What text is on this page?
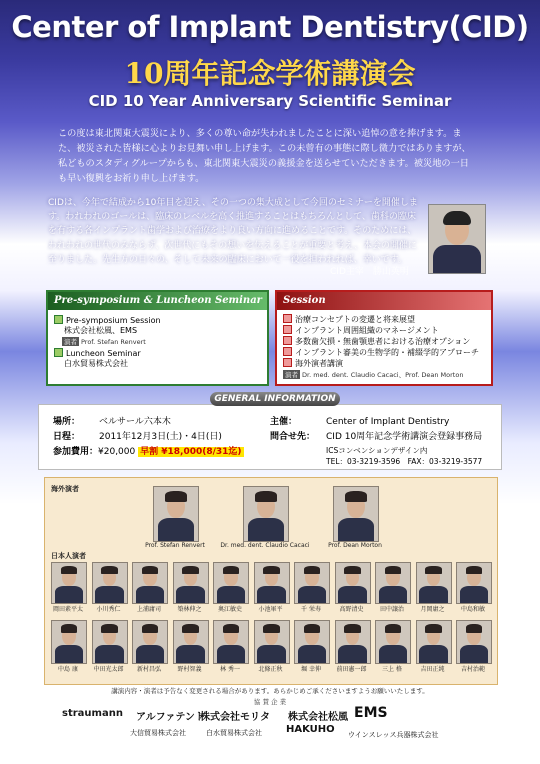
Center of Implant Dentistry(CID)
10周年記念学術講演会
CID 10 Year Anniversary Scientific Seminar
この度は東北関東大震災により、多くの尊い命が失われましたことに深い追悼の意を捧げます。また、被災された皆様に心よりお見舞い申し上げます。この未曾有の事態に際し微力ではありますが、私どものスタディグループからも、東北関東大震災の義援金を送らせていただきます。被災地の一日も早い復興をお祈り申し上げます。
CIDは、今年で結成から10年目を迎え、その一つの集大成として今回のセミナーを開催します。われわれのゴールは、臨床のレベルを高く推進することはもちろんとして、歯科の臨床を有する各インプラント歯学および治療をより良い方向に進めることです。そのためには、われわれの世代のみならず、次世代にもその想いを伝えることが重要と考え、本会の開催に至りました。先生方の日々の、そして未来の臨床において一役を担われれば、幸いです。
CID主宰　勝山英明
Pre-symposium & Luncheon Seminar
Pre-symposium Session
株式会社松風、EMS
演者 Prof. Stefan Renvert
Luncheon Seminar
白水貿易株式会社
Session
治療コンセプトの変遷と将来展望
インプラント周囲組織のマネージメント
多数歯欠損・無歯顎患者における治療オプション
インプラント審美の生物学的・補綴学的アプローチ
海外演者講演
演者 Dr. med. dent. Claudio Cacaci、Prof. Dean Morton
場所： ベルサール六本木
日程： 2011年12月3日(土)・4日(日)
参加費用：¥20,000 早割 ¥18,000(8/31迄)
主催：	Center of Implant Dentistry
問合せ先： CID 10周年記念学術講演会登録事務局
ICSコンベンションデザイン内
TEL：03-3219-3596　FAX：03-3219-3577
GENERAL INFORMATION
海外演者
日本人演者
Prof. Stefan Renvert	Dr. med. dent. Claudio Cacaci	Prof. Dean Morton
岡田素平太	小川秀仁	上浦庸司	築林伸之	奥江敏史	小池軍平	千 栄寿	髙野清史	田中譲治	月岡庸之	中島和敏
中島 康	中田光太郎	新村昌弘	野村智義	林 秀一	北條正秋	堀 幸伸	前田憲一郎	三上 格	吉田正純	吉村治範
講演内容・演者は予告なく変更される場合があります。あらかじめご承くださいますようお願いいたします。
協 賛 企 業
straumann アルファテント
株式会社モリタ 株式会社松風 EMS
大信貿易株式会社	白水貿易株式会社 HAKUHO ウインスレッス兵器株式会社
